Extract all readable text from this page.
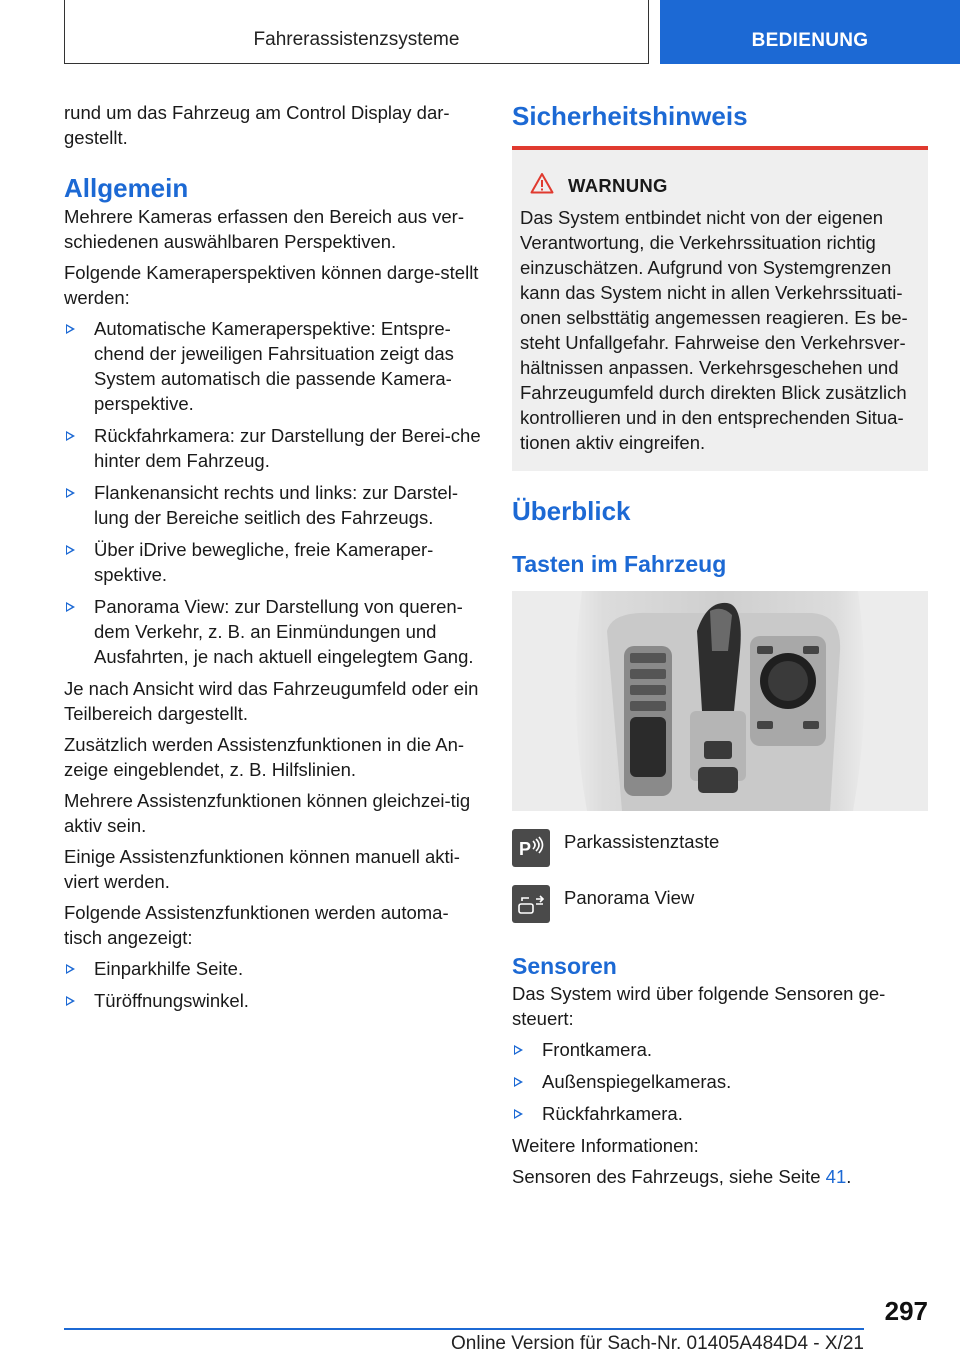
Fahrerassistenzsysteme	BEDIENUNG

rund um das Fahrzeug am Control Display dar-gestellt.

Allgemein

Mehrere Kameras erfassen den Bereich aus ver-schiedenen auswählbaren Perspektiven.

Folgende Kameraperspektiven können darge-stellt werden:

Automatische Kameraperspektive: Entspre-chend der jeweiligen Fahrsituation zeigt das System automatisch die passende Kamera-perspektive.
Rückfahrkamera: zur Darstellung der Berei-che hinter dem Fahrzeug.
Flankenansicht rechts und links: zur Darstel-lung der Bereiche seitlich des Fahrzeugs.
Über iDrive bewegliche, freie Kameraper-spektive.
Panorama View: zur Darstellung von queren-dem Verkehr, z. B. an Einmündungen und Ausfahrten, je nach aktuell eingelegtem Gang.

Je nach Ansicht wird das Fahrzeugumfeld oder ein Teilbereich dargestellt.

Zusätzlich werden Assistenzfunktionen in die An-zeige eingeblendet, z. B. Hilfslinien.

Mehrere Assistenzfunktionen können gleichzei-tig aktiv sein.

Einige Assistenzfunktionen können manuell akti-viert werden.

Folgende Assistenzfunktionen werden automa-tisch angezeigt:

Einparkhilfe Seite.
Türöffnungswinkel.
Sicherheitshinweis
WARNUNG

Das System entbindet nicht von der eigenen Verantwortung, die Verkehrssituation richtig einzuschätzen. Aufgrund von Systemgrenzen kann das System nicht in allen Verkehrssituati-onen selbsttätig angemessen reagieren. Es be-steht Unfallgefahr. Fahrweise den Verkehrsver-hältnissen anpassen. Verkehrsgeschehen und Fahrzeugumfeld durch direkten Blick zusätzlich kontrollieren und in den entsprechenden Situa-tionen aktiv eingreifen.

Überblick
Tasten im Fahrzeug
P Parkassistenztaste

Panorama View

Sensoren

Das System wird über folgende Sensoren ge-steuert:

Frontkamera.
Außenspiegelkameras.
Rückfahrkamera.

Weitere Informationen:

Sensoren des Fahrzeugs, siehe Seite 41.

297
Online Version für Sach-Nr. 01405A484D4 - X/21
